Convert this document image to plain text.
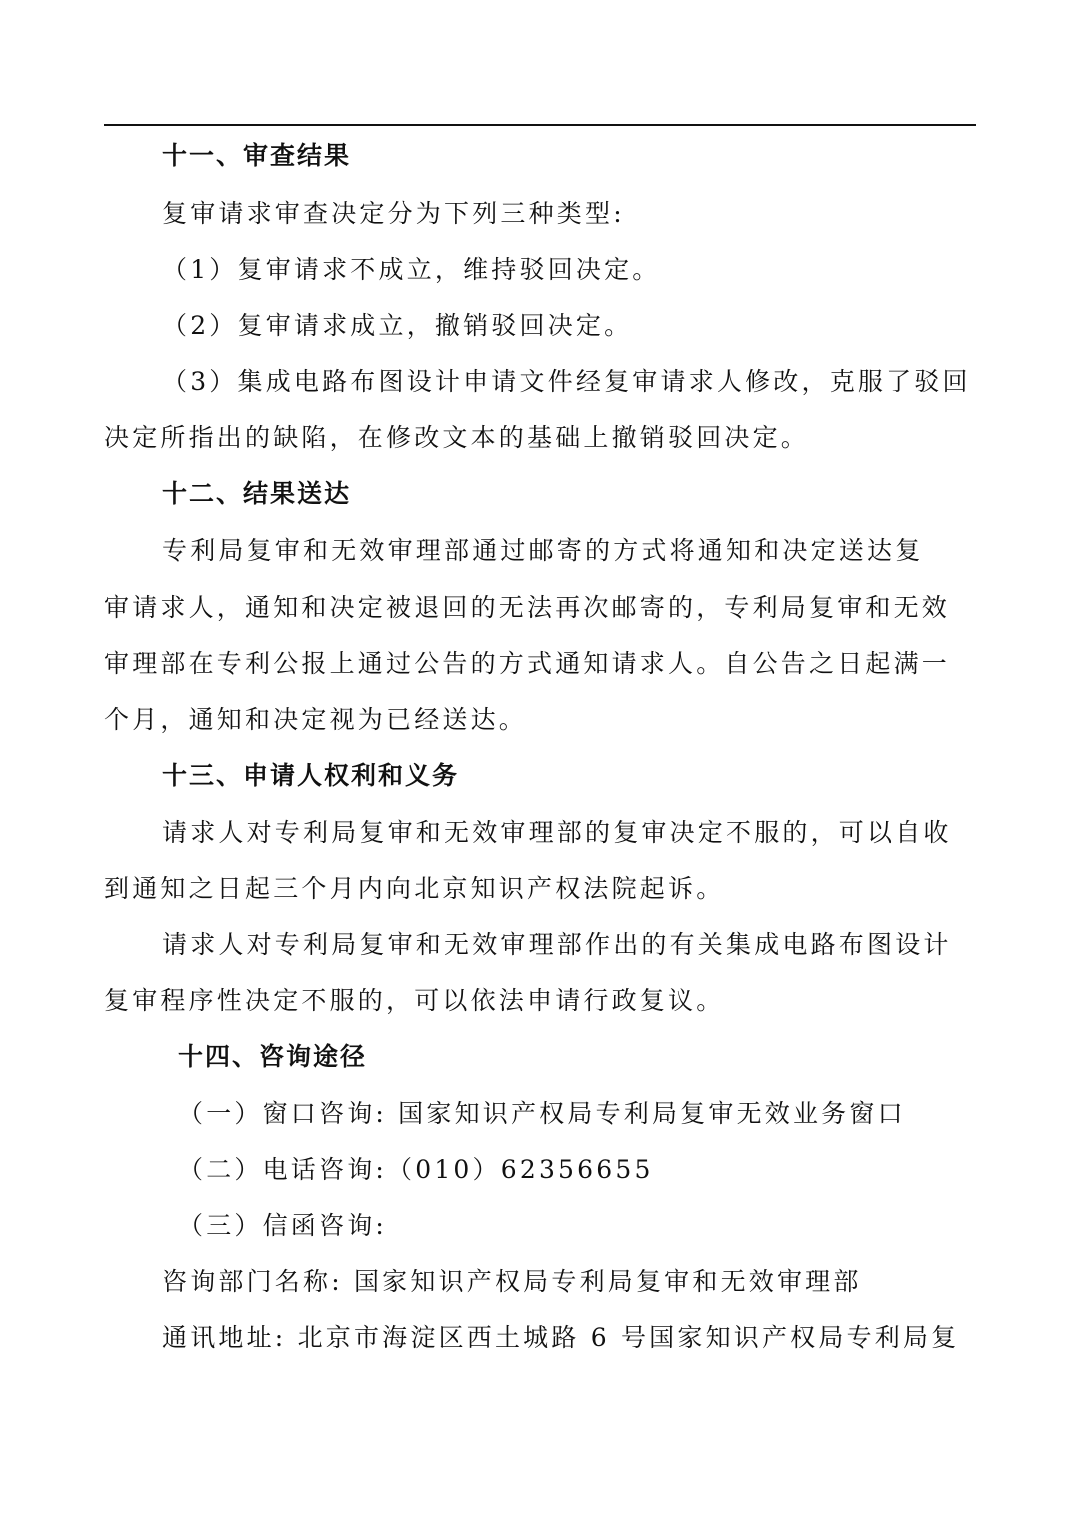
十一、审查结果
复审请求审查决定分为下列三种类型:
（1）复审请求不成立，维持驳回决定。
（2）复审请求成立，撤销驳回决定。
（3）集成电路布图设计申请文件经复审请求人修改，克服了驳回
决定所指出的缺陷，在修改文本的基础上撤销驳回决定。
十二、结果送达
专利局复审和无效审理部通过邮寄的方式将通知和决定送达复
审请求人，通知和决定被退回的无法再次邮寄的，专利局复审和无效
审理部在专利公报上通过公告的方式通知请求人。自公告之日起满一
个月，通知和决定视为已经送达。
十三、申请人权利和义务
请求人对专利局复审和无效审理部的复审决定不服的，可以自收
到通知之日起三个月内向北京知识产权法院起诉。
请求人对专利局复审和无效审理部作出的有关集成电路布图设计
复审程序性决定不服的，可以依法申请行政复议。
十四、咨询途径
（一）窗口咨询: 国家知识产权局专利局复审无效业务窗口
（二）电话咨询:（010）62356655
（三）信函咨询:
咨询部门名称: 国家知识产权局专利局复审和无效审理部
通讯地址: 北京市海淀区西土城路 6 号国家知识产权局专利局复
